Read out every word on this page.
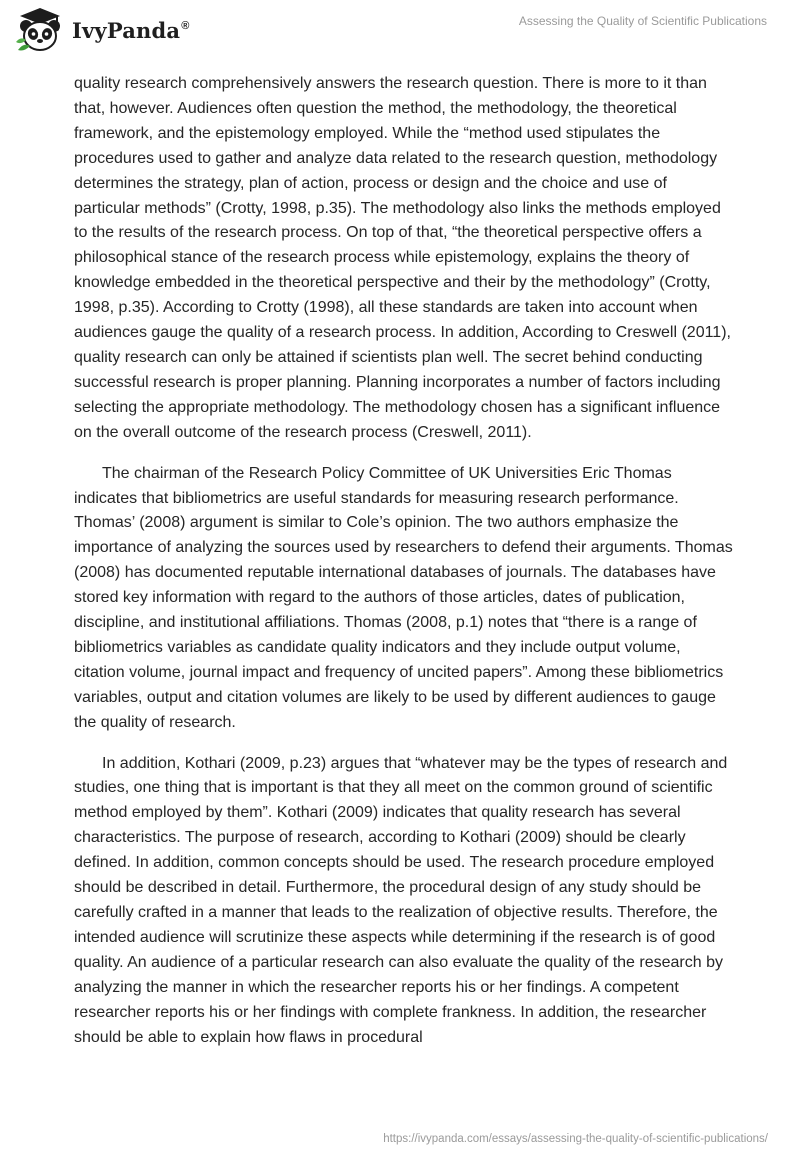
IvyPanda®	Assessing the Quality of Scientific Publications

quality research comprehensively answers the research question. There is more to it than that, however. Audiences often question the method, the methodology, the theoretical framework, and the epistemology employed. While the “method used stipulates the procedures used to gather and analyze data related to the research question, methodology determines the strategy, plan of action, process or design and the choice and use of particular methods” (Crotty, 1998, p.35). The methodology also links the methods employed to the results of the research process. On top of that, “the theoretical perspective offers a philosophical stance of the research process while epistemology, explains the theory of knowledge embedded in the theoretical perspective and their by the methodology” (Crotty, 1998, p.35). According to Crotty (1998), all these standards are taken into account when audiences gauge the quality of a research process. In addition, According to Creswell (2011), quality research can only be attained if scientists plan well. The secret behind conducting successful research is proper planning. Planning incorporates a number of factors including selecting the appropriate methodology. The methodology chosen has a significant influence on the overall outcome of the research process (Creswell, 2011).

The chairman of the Research Policy Committee of UK Universities Eric Thomas indicates that bibliometrics are useful standards for measuring research performance. Thomas’ (2008) argument is similar to Cole’s opinion. The two authors emphasize the importance of analyzing the sources used by researchers to defend their arguments. Thomas (2008) has documented reputable international databases of journals. The databases have stored key information with regard to the authors of those articles, dates of publication, discipline, and institutional affiliations. Thomas (2008, p.1) notes that “there is a range of bibliometrics variables as candidate quality indicators and they include output volume, citation volume, journal impact and frequency of uncited papers”. Among these bibliometrics variables, output and citation volumes are likely to be used by different audiences to gauge the quality of research.

In addition, Kothari (2009, p.23) argues that “whatever may be the types of research and studies, one thing that is important is that they all meet on the common ground of scientific method employed by them”. Kothari (2009) indicates that quality research has several characteristics. The purpose of research, according to Kothari (2009) should be clearly defined. In addition, common concepts should be used. The research procedure employed should be described in detail. Furthermore, the procedural design of any study should be carefully crafted in a manner that leads to the realization of objective results. Therefore, the intended audience will scrutinize these aspects while determining if the research is of good quality. An audience of a particular research can also evaluate the quality of the research by analyzing the manner in which the researcher reports his or her findings. A competent researcher reports his or her findings with complete frankness. In addition, the researcher should be able to explain how flaws in procedural

https://ivypanda.com/essays/assessing-the-quality-of-scientific-publications/
